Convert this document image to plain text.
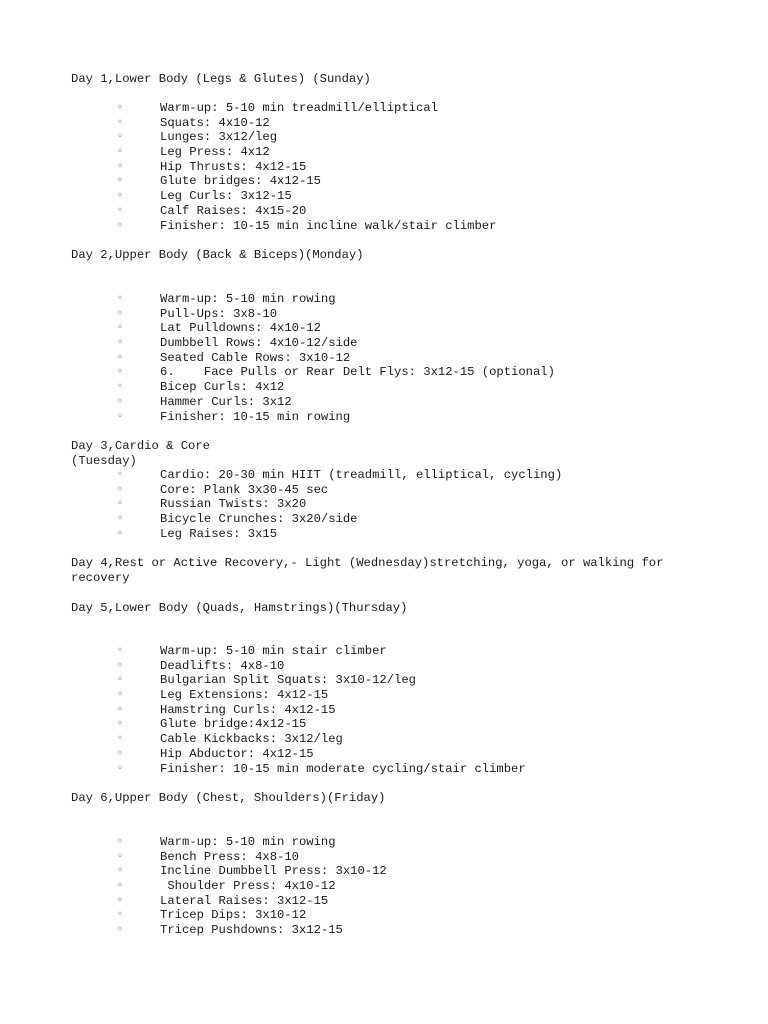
Day 1,Lower Body (Legs & Glutes) (Sunday)
◦	Warm-up: 5-10 min treadmill/elliptical
◦	Squats: 4x10-12
◦	Lunges: 3x12/leg
◦	Leg Press: 4x12
◦	Hip Thrusts: 4x12-15
◦	Glute bridges: 4x12-15
◦	Leg Curls: 3x12-15
◦	Calf Raises: 4x15-20
◦	Finisher: 10-15 min incline walk/stair climber
Day 2,Upper Body (Back & Biceps)(Monday)
◦	Warm-up: 5-10 min rowing
◦	Pull-Ups: 3x8-10
◦	Lat Pulldowns: 4x10-12
◦	Dumbbell Rows: 4x10-12/side
◦	Seated Cable Rows: 3x10-12
◦	6.    Face Pulls or Rear Delt Flys: 3x12-15 (optional)
◦	Bicep Curls: 4x12
◦	Hammer Curls: 3x12
◦	Finisher: 10-15 min rowing
Day 3,Cardio & Core
(Tuesday)
◦	Cardio: 20-30 min HIIT (treadmill, elliptical, cycling)
◦	Core: Plank 3x30-45 sec
◦	Russian Twists: 3x20
◦	Bicycle Crunches: 3x20/side
◦	Leg Raises: 3x15
Day 4,Rest or Active Recovery,- Light (Wednesday)stretching, yoga, or walking for
recovery
Day 5,Lower Body (Quads, Hamstrings)(Thursday)
◦	Warm-up: 5-10 min stair climber
◦	Deadlifts: 4x8-10
◦	Bulgarian Split Squats: 3x10-12/leg
◦	Leg Extensions: 4x12-15
◦	Hamstring Curls: 4x12-15
◦	Glute bridge:4x12-15
◦	Cable Kickbacks: 3x12/leg
◦	Hip Abductor: 4x12-15
◦	Finisher: 10-15 min moderate cycling/stair climber
Day 6,Upper Body (Chest, Shoulders)(Friday)
◦	Warm-up: 5-10 min rowing
◦	Bench Press: 4x8-10
◦	Incline Dumbbell Press: 3x10-12
◦	Shoulder Press: 4x10-12
◦	Lateral Raises: 3x12-15
◦	Tricep Dips: 3x10-12
◦	Tricep Pushdowns: 3x12-15
